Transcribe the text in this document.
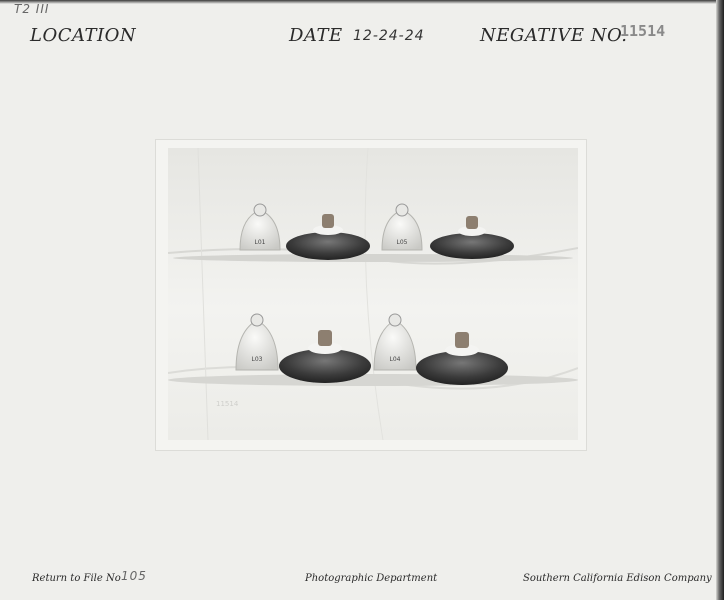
T2 III
LOCATION	DATE 12-24-24	NEGATIVE NO.
11514
L01	L05
L03	L04
11514
Return to File No 105	Photographic Department	Southern California Edison Company
